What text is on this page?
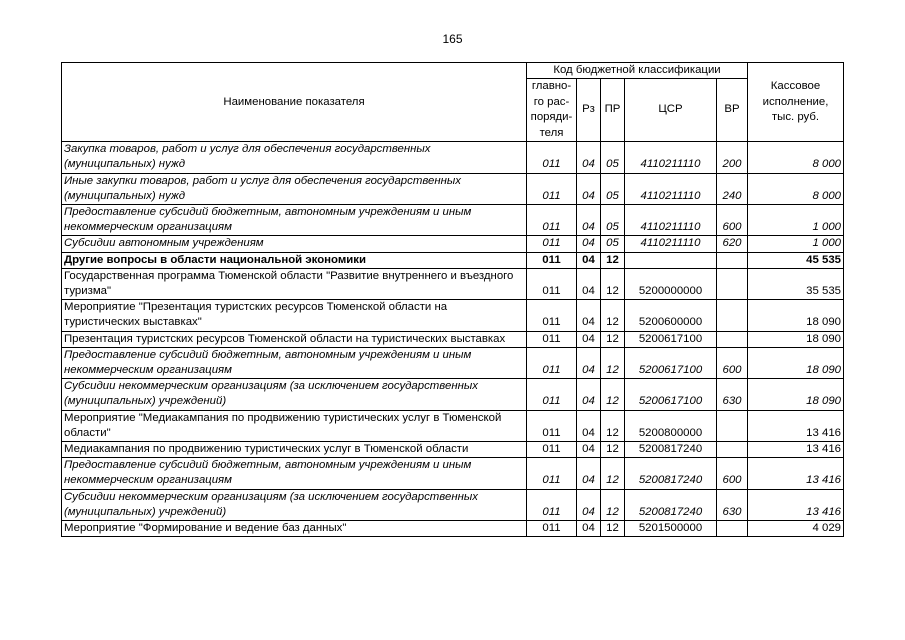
165
Наименование показателя	Код бюджетной классификации					Кассовое исполнение, тыс. руб.
	главно-
го рас-
поряди-
теля	Рз	ПР	ЦСР	ВР	
Закупка товаров, работ и услуг для обеспечения государственных (муниципальных) нужд	011	04	05	4110211110	200	8 000
Иные закупки товаров, работ и услуг для обеспечения государственных (муниципальных) нужд	011	04	05	4110211110	240	8 000
Предоставление субсидий бюджетным, автономным учреждениям и иным некоммерческим организациям	011	04	05	4110211110	600	1 000
Субсидии автономным учреждениям	011	04	05	4110211110	620	1 000
Другие вопросы в области национальной экономики	011	04	12			45 535
Государственная программа Тюменской области "Развитие внутреннего и въездного туризма"	011	04	12	5200000000		35 535
Мероприятие "Презентация туристских ресурсов Тюменской области на туристических выставках"	011	04	12	5200600000		18 090
Презентация туристских ресурсов Тюменской области на туристических выставках	011	04	12	5200617100		18 090
Предоставление субсидий бюджетным, автономным учреждениям и иным некоммерческим организациям	011	04	12	5200617100	600	18 090
Субсидии некоммерческим организациям (за исключением государственных (муниципальных) учреждений)	011	04	12	5200617100	630	18 090
Мероприятие "Медиакампания по продвижению туристических услуг в Тюменской области"	011	04	12	5200800000		13 416
Медиакампания по продвижению туристических услуг в Тюменской области	011	04	12	5200817240		13 416
Предоставление субсидий бюджетным, автономным учреждениям и иным некоммерческим организациям	011	04	12	5200817240	600	13 416
Субсидии некоммерческим организациям (за исключением государственных (муниципальных) учреждений)	011	04	12	5200817240	630	13 416
Мероприятие "Формирование и ведение баз данных"	011	04	12	5201500000		4 029
